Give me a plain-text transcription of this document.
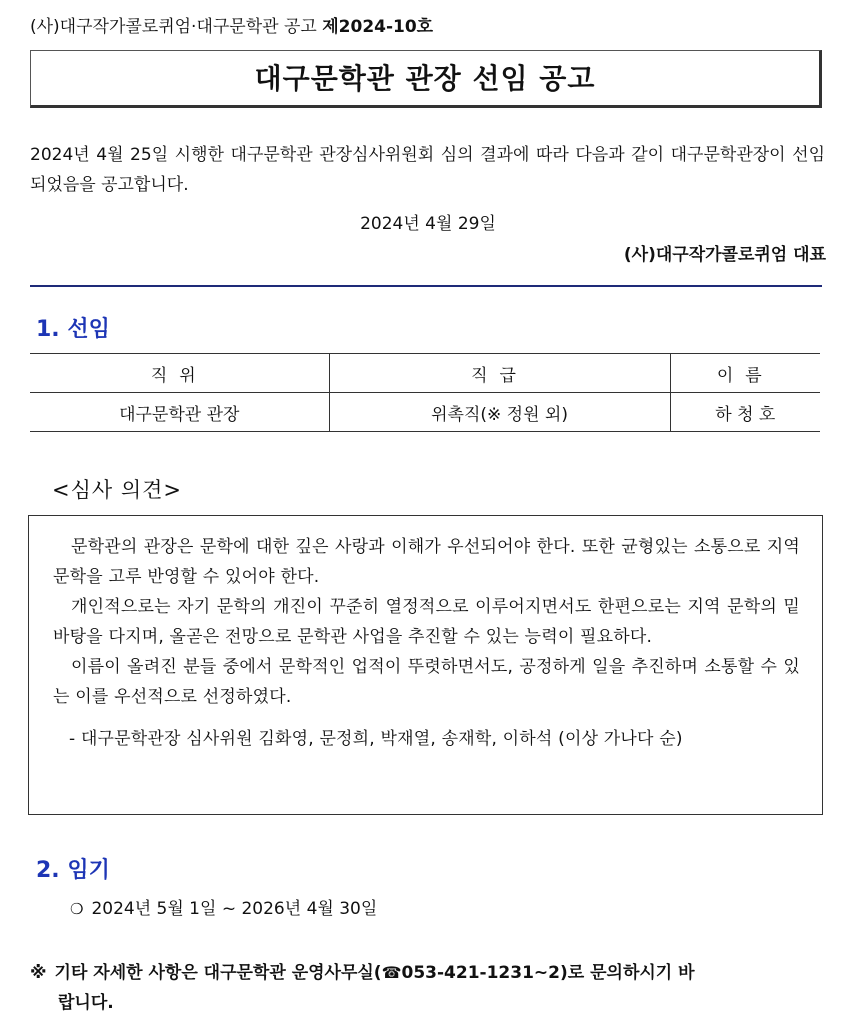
(사)대구작가콜로퀴엄·대구문학관 공고 제2024-10호
대구문학관 관장 선임 공고
2024년 4월 25일 시행한 대구문학관 관장심사위원회 심의 결과에 따라 다음과 같이 대구문학관장이 선임되었음을 공고합니다.
2024년 4월 29일
(사)대구작가콜로퀴엄 대표
1. 선임
직위	직급	이름
대구문학관 관장	위촉직(※ 정원 외)	하 청 호
<심사 의견>

문학관의 관장은 문학에 대한 깊은 사랑과 이해가 우선되어야 한다. 또한 균형있는 소통으로 지역 문학을 고루 반영할 수 있어야 한다.

개인적으로는 자기 문학의 개진이 꾸준히 열정적으로 이루어지면서도 한편으로는 지역 문학의 밑바탕을 다지며, 올곧은 전망으로 문학관 사업을 추진할 수 있는 능력이 필요하다.

이름이 올려진 분들 중에서 문학적인 업적이 뚜렷하면서도, 공정하게 일을 추진하며 소통할 수 있는 이를 우선적으로 선정하였다.

- 대구문학관장 심사위원 김화영, 문정희, 박재열, 송재학, 이하석 (이상 가나다 순)

2. 임기
❍ 2024년 5월 1일 ~ 2026년 4월 30일
※ 기타 자세한 사항은 대구문학관 운영사무실(☎053-421-1231~2)로 문의하시기 바
랍니다.
